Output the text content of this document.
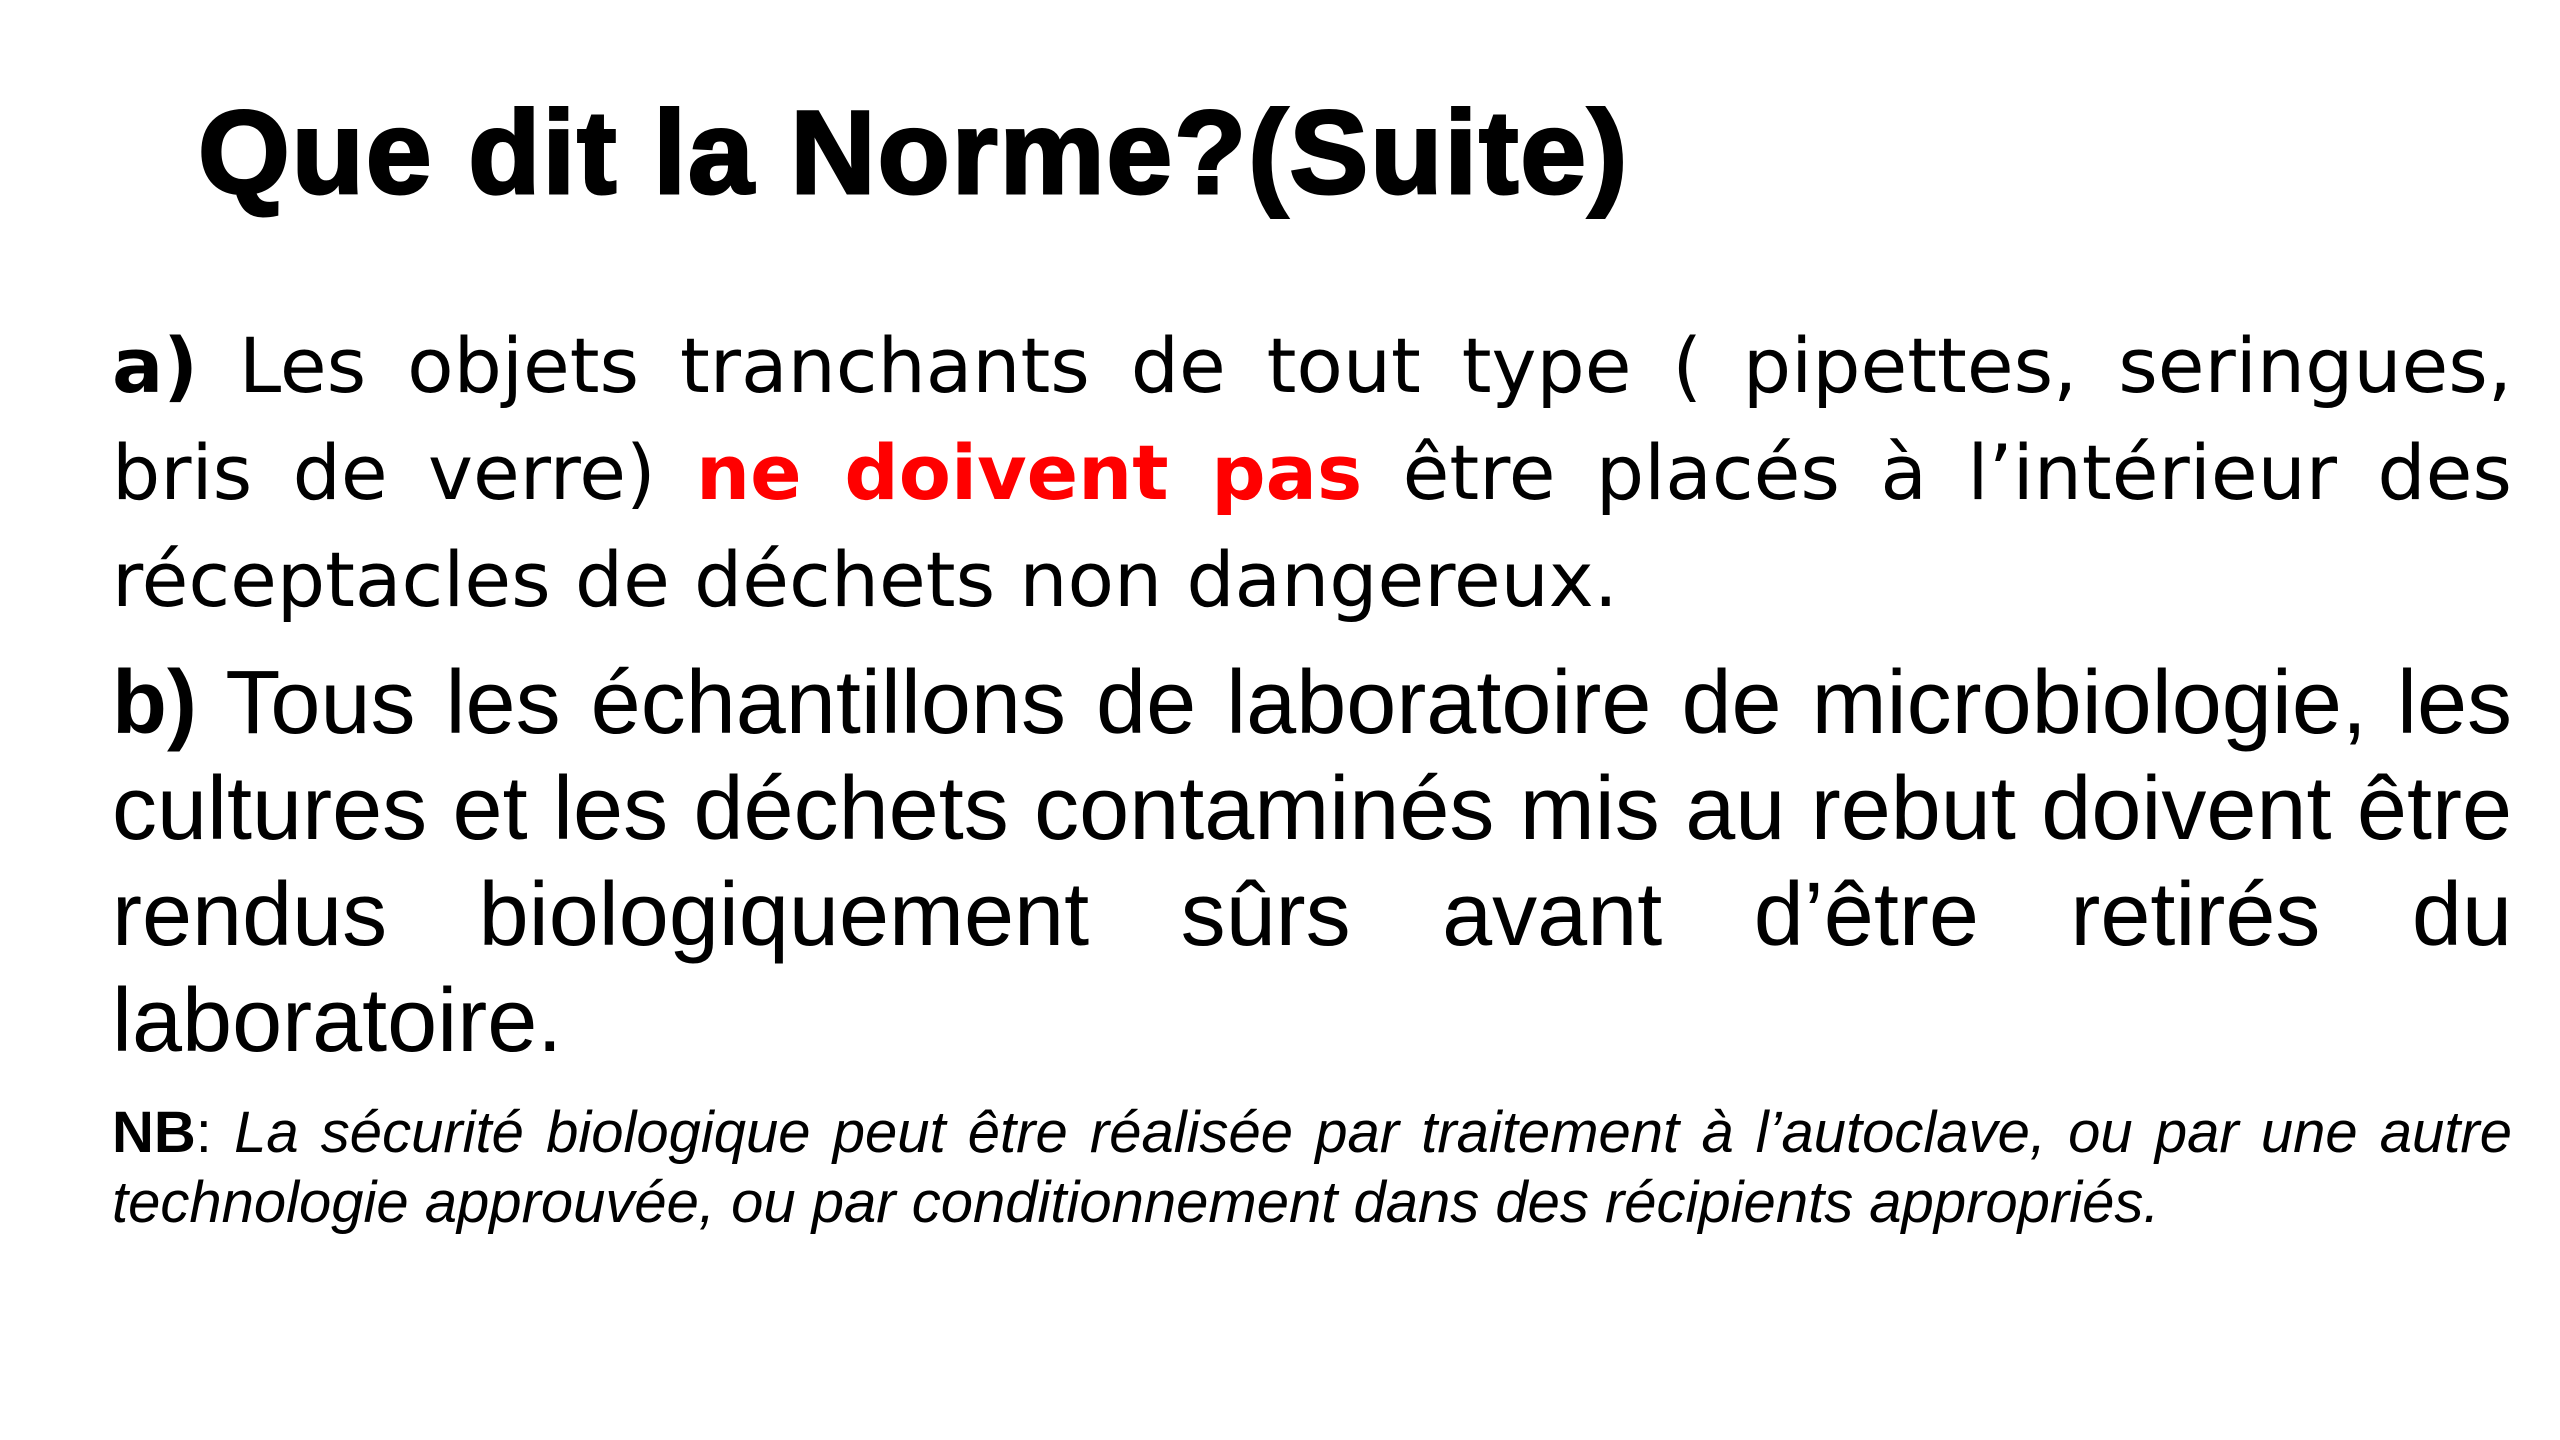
Que dit la Norme?(Suite)

a) Les objets tranchants de tout type ( pipettes, seringues, bris de verre) ne doivent pas être placés à l’intérieur des réceptacles de déchets non dangereux.

b) Tous les échantillons de laboratoire de microbiologie, les cultures et les déchets contaminés mis au rebut doivent être rendus biologiquement sûrs avant d’être retirés du laboratoire.

NB: La sécurité biologique peut être réalisée par traitement à l’autoclave, ou par une autre technologie approuvée, ou par conditionnement dans des récipients appropriés.
